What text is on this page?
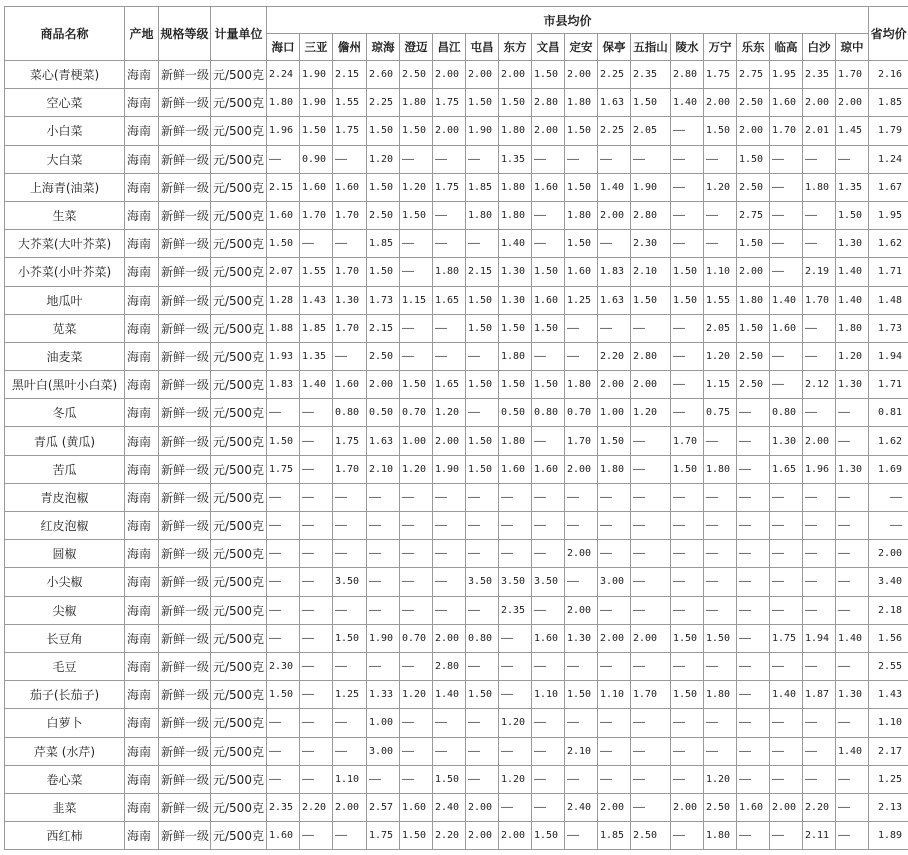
商品名称	产地	规格等级	计量单位	市县均价																		省均价
				海口	三亚	儋州	琼海	澄迈	昌江	屯昌	东方	文昌	定安	保亭	五指山	陵水	万宁	乐东	临高	白沙	琼中	
菜心(青梗菜)	海南	新鲜一级	元/500克	2.24	1.90	2.15	2.60	2.50	2.00	2.00	2.00	1.50	2.00	2.25	2.35	2.80	1.75	2.75	1.95	2.35	1.70	2.16
空心菜	海南	新鲜一级	元/500克	1.80	1.90	1.55	2.25	1.80	1.75	1.50	1.50	2.80	1.80	1.63	1.50	1.40	2.00	2.50	1.60	2.00	2.00	1.85
小白菜	海南	新鲜一级	元/500克	1.96	1.50	1.75	1.50	1.50	2.00	1.90	1.80	2.00	1.50	2.25	2.05	——	1.50	2.00	1.70	2.01	1.45	1.79
大白菜	海南	新鲜一级	元/500克	——	0.90	——	1.20	——	——	——	1.35	——	——	——	——	——	——	1.50	——	——	——	1.24
上海青(油菜)	海南	新鲜一级	元/500克	2.15	1.60	1.60	1.50	1.20	1.75	1.85	1.80	1.60	1.50	1.40	1.90	——	1.20	2.50	——	1.80	1.35	1.67
生菜	海南	新鲜一级	元/500克	1.60	1.70	1.70	2.50	1.50	——	1.80	1.80	——	1.80	2.00	2.80	——	——	2.75	——	——	1.50	1.95
大芥菜(大叶芥菜)	海南	新鲜一级	元/500克	1.50	——	——	1.85	——	——	——	1.40	——	1.50	——	2.30	——	——	1.50	——	——	1.30	1.62
小芥菜(小叶芥菜)	海南	新鲜一级	元/500克	2.07	1.55	1.70	1.50	——	1.80	2.15	1.30	1.50	1.60	1.83	2.10	1.50	1.10	2.00	——	2.19	1.40	1.71
地瓜叶	海南	新鲜一级	元/500克	1.28	1.43	1.30	1.73	1.15	1.65	1.50	1.30	1.60	1.25	1.63	1.50	1.50	1.55	1.80	1.40	1.70	1.40	1.48
苋菜	海南	新鲜一级	元/500克	1.88	1.85	1.70	2.15	——	——	1.50	1.50	1.50	——	——	——	——	2.05	1.50	1.60	——	1.80	1.73
油麦菜	海南	新鲜一级	元/500克	1.93	1.35	——	2.50	——	——	——	1.80	——	——	2.20	2.80	——	1.20	2.50	——	——	1.20	1.94
黑叶白(黑叶小白菜)	海南	新鲜一级	元/500克	1.83	1.40	1.60	2.00	1.50	1.65	1.50	1.50	1.50	1.80	2.00	2.00	——	1.15	2.50	——	2.12	1.30	1.71
冬瓜	海南	新鲜一级	元/500克	——	——	0.80	0.50	0.70	1.20	——	0.50	0.80	0.70	1.00	1.20	——	0.75	——	0.80	——	——	0.81
青瓜 (黄瓜)	海南	新鲜一级	元/500克	1.50	——	1.75	1.63	1.00	2.00	1.50	1.80	——	1.70	1.50	——	1.70	——	——	1.30	2.00	——	1.62
苦瓜	海南	新鲜一级	元/500克	1.75	——	1.70	2.10	1.20	1.90	1.50	1.60	1.60	2.00	1.80	——	1.50	1.80	——	1.65	1.96	1.30	1.69
青皮泡椒	海南	新鲜一级	元/500克	——	——	——	——	——	——	——	——	——	——	——	——	——	——	——	——	——	——	——
红皮泡椒	海南	新鲜一级	元/500克	——	——	——	——	——	——	——	——	——	——	——	——	——	——	——	——	——	——	——
圆椒	海南	新鲜一级	元/500克	——	——	——	——	——	——	——	——	——	2.00	——	——	——	——	——	——	——	——	2.00
小尖椒	海南	新鲜一级	元/500克	——	——	3.50	——	——	——	3.50	3.50	3.50	——	3.00	——	——	——	——	——	——	——	3.40
尖椒	海南	新鲜一级	元/500克	——	——	——	——	——	——	——	2.35	——	2.00	——	——	——	——	——	——	——	——	2.18
长豆角	海南	新鲜一级	元/500克	——	——	1.50	1.90	0.70	2.00	0.80	——	1.60	1.30	2.00	2.00	1.50	1.50	——	1.75	1.94	1.40	1.56
毛豆	海南	新鲜一级	元/500克	2.30	——	——	——	——	2.80	——	——	——	——	——	——	——	——	——	——	——	——	2.55
茄子(长茄子)	海南	新鲜一级	元/500克	1.50	——	1.25	1.33	1.20	1.40	1.50	——	1.10	1.50	1.10	1.70	1.50	1.80	——	1.40	1.87	1.30	1.43
白萝卜	海南	新鲜一级	元/500克	——	——	——	1.00	——	——	——	1.20	——	——	——	——	——	——	——	——	——	——	1.10
芹菜 (水芹)	海南	新鲜一级	元/500克	——	——	——	3.00	——	——	——	——	——	2.10	——	——	——	——	——	——	——	1.40	2.17
卷心菜	海南	新鲜一级	元/500克	——	——	1.10	——	——	1.50	——	1.20	——	——	——	——	——	1.20	——	——	——	——	1.25
韭菜	海南	新鲜一级	元/500克	2.35	2.20	2.00	2.57	1.60	2.40	2.00	——	——	2.40	2.00	——	2.00	2.50	1.60	2.00	2.20	——	2.13
西红柿	海南	新鲜一级	元/500克	1.60	——	——	1.75	1.50	2.20	2.00	2.00	1.50	——	1.85	2.50	——	1.80	——	——	2.11	——	1.89
